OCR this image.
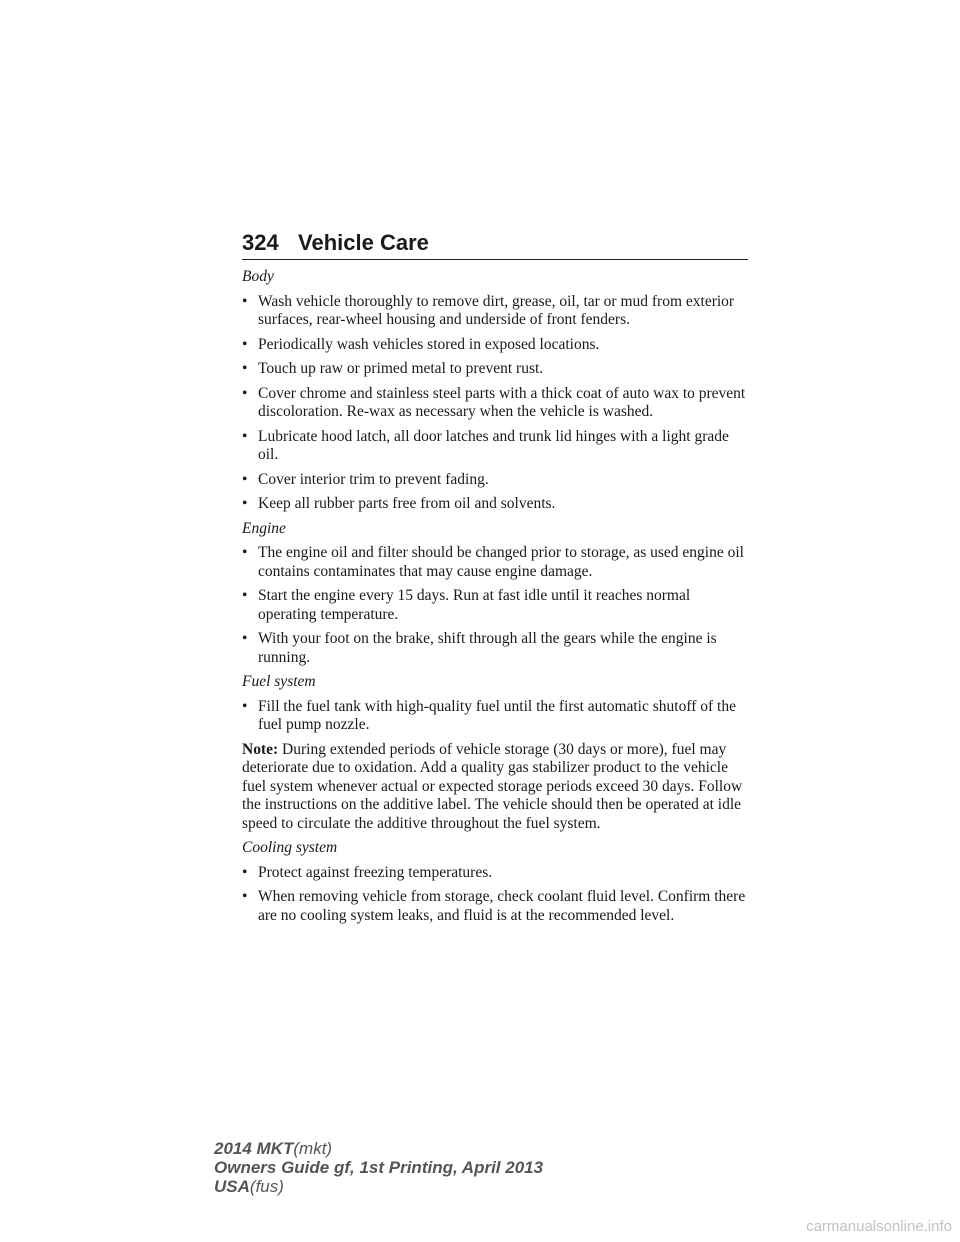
324 Vehicle Care

Body

• Wash vehicle thoroughly to remove dirt, grease, oil, tar or mud from exterior surfaces, rear-wheel housing and underside of front fenders.
• Periodically wash vehicles stored in exposed locations.
• Touch up raw or primed metal to prevent rust.
• Cover chrome and stainless steel parts with a thick coat of auto wax to prevent discoloration. Re-wax as necessary when the vehicle is washed.
• Lubricate hood latch, all door latches and trunk lid hinges with a light grade oil.
• Cover interior trim to prevent fading.
• Keep all rubber parts free from oil and solvents.

Engine

• The engine oil and filter should be changed prior to storage, as used engine oil contains contaminates that may cause engine damage.
• Start the engine every 15 days. Run at fast idle until it reaches normal operating temperature.
• With your foot on the brake, shift through all the gears while the engine is running.

Fuel system

• Fill the fuel tank with high-quality fuel until the first automatic shutoff of the fuel pump nozzle.

Note: During extended periods of vehicle storage (30 days or more), fuel may deteriorate due to oxidation. Add a quality gas stabilizer product to the vehicle fuel system whenever actual or expected storage periods exceed 30 days. Follow the instructions on the additive label. The vehicle should then be operated at idle speed to circulate the additive throughout the fuel system.

Cooling system

• Protect against freezing temperatures.
• When removing vehicle from storage, check coolant fluid level. Confirm there are no cooling system leaks, and fluid is at the recommended level.
2014 MKT(mkt)
Owners Guide gf, 1st Printing, April 2013
USA(fus)
carmanualsonline.info
